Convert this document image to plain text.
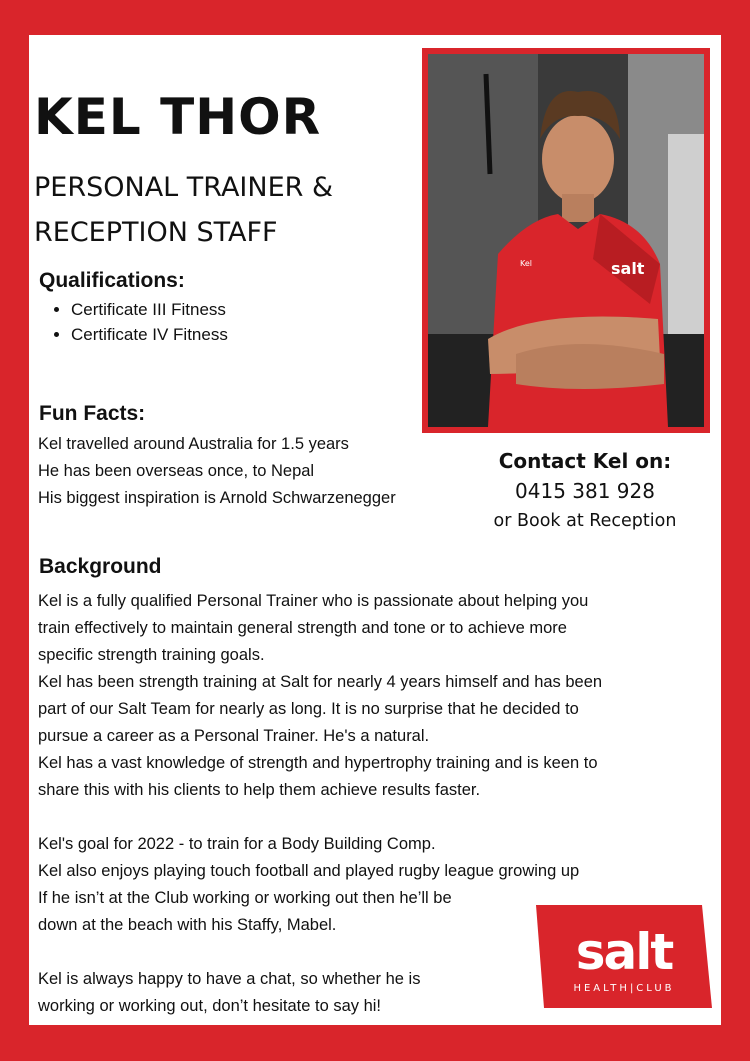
KEL THOR
PERSONAL TRAINER &
RECEPTION STAFF
Qualifications:
• Certificate III Fitness
• Certificate IV Fitness
Fun Facts:
Kel travelled around Australia for 1.5 years
He has been overseas once, to Nepal
His biggest inspiration is Arnold Schwarzenegger
salt
Kel
Contact Kel on:
0415 381 928
or Book at Reception
Background

Kel is a fully qualified Personal Trainer who is passionate about helping you

train effectively to maintain general strength and tone or to achieve more

specific strength training goals.

Kel has been strength training at Salt for nearly 4 years himself and has been

part of our Salt Team for nearly as long. It is no surprise that he decided to

pursue a career as a Personal Trainer. He's a natural.

Kel has a vast knowledge of strength and hypertrophy training and is keen to

share this with his clients to help them achieve results faster.

Kel's goal for 2022 - to train for a Body Building Comp.

Kel also enjoys playing touch football and played rugby league growing up

If he isn’t at the Club working or working out then he’ll be

down at the beach with his Staffy, Mabel.

Kel is always happy to have a chat, so whether he is

working or working out, don’t hesitate to say hi!

salt
HEALTH|CLUB
